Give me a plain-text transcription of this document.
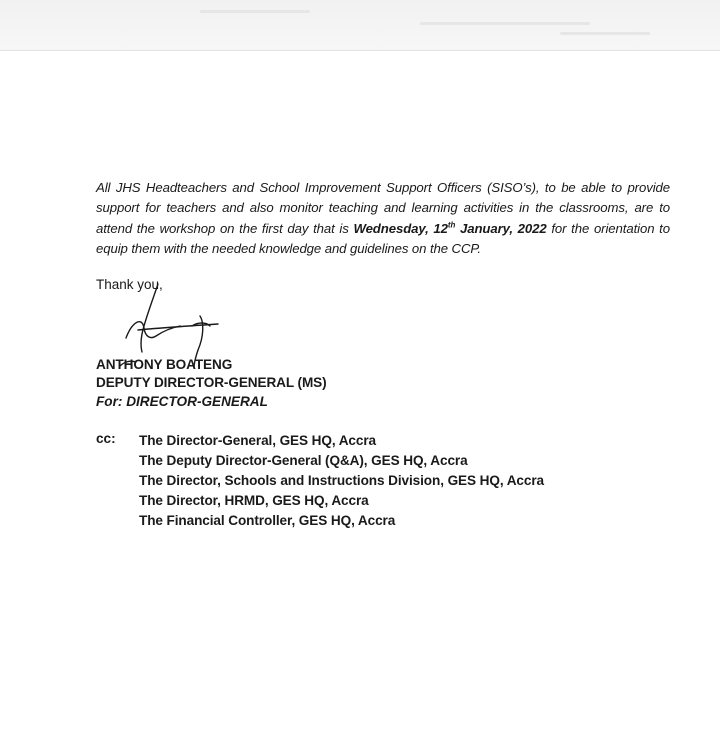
All JHS Headteachers and School Improvement Support Officers (SISO’s), to be able to provide support for teachers and also monitor teaching and learning activities in the classrooms, are to attend the workshop on the first day that is Wednesday, 12th January, 2022 for the orientation to equip them with the needed knowledge and guidelines on the CCP.

Thank you,
ANTHONY BOATENG
DEPUTY DIRECTOR-GENERAL (MS)
For: DIRECTOR-GENERAL
cc: The Director-General, GES HQ, Accra
The Deputy Director-General (Q&A), GES HQ, Accra
The Director, Schools and Instructions Division, GES HQ, Accra
The Director, HRMD, GES HQ, Accra
The Financial Controller, GES HQ, Accra
